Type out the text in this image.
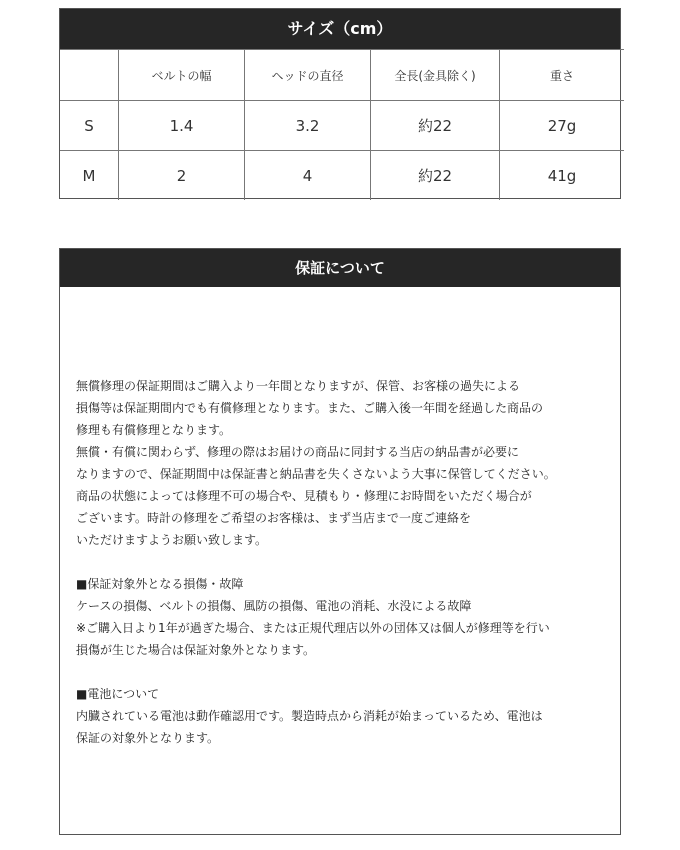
サイズ（cm）
	ベルトの幅	ヘッドの直径	全長(金具除く)	重さ
S	1.4	3.2	約22	27g
M	2	4	約22	41g
保証について

無償修理の保証期間はご購入より一年間となりますが、保管、お客様の過失による

損傷等は保証期間内でも有償修理となります。また、ご購入後一年間を経過した商品の

修理も有償修理となります。

無償・有償に関わらず、修理の際はお届けの商品に同封する当店の納品書が必要に

なりますので、保証期間中は保証書と納品書を失くさないよう大事に保管してください。

商品の状態によっては修理不可の場合や、見積もり・修理にお時間をいただく場合が

ございます。時計の修理をご希望のお客様は、まず当店まで一度ご連絡を

いただけますようお願い致します。

■保証対象外となる損傷・故障

ケースの損傷、ベルトの損傷、風防の損傷、電池の消耗、水没による故障

※ご購入日より1年が過ぎた場合、または正規代理店以外の団体又は個人が修理等を行い

損傷が生じた場合は保証対象外となります。

■電池について

内臓されている電池は動作確認用です。製造時点から消耗が始まっているため、電池は

保証の対象外となります。
